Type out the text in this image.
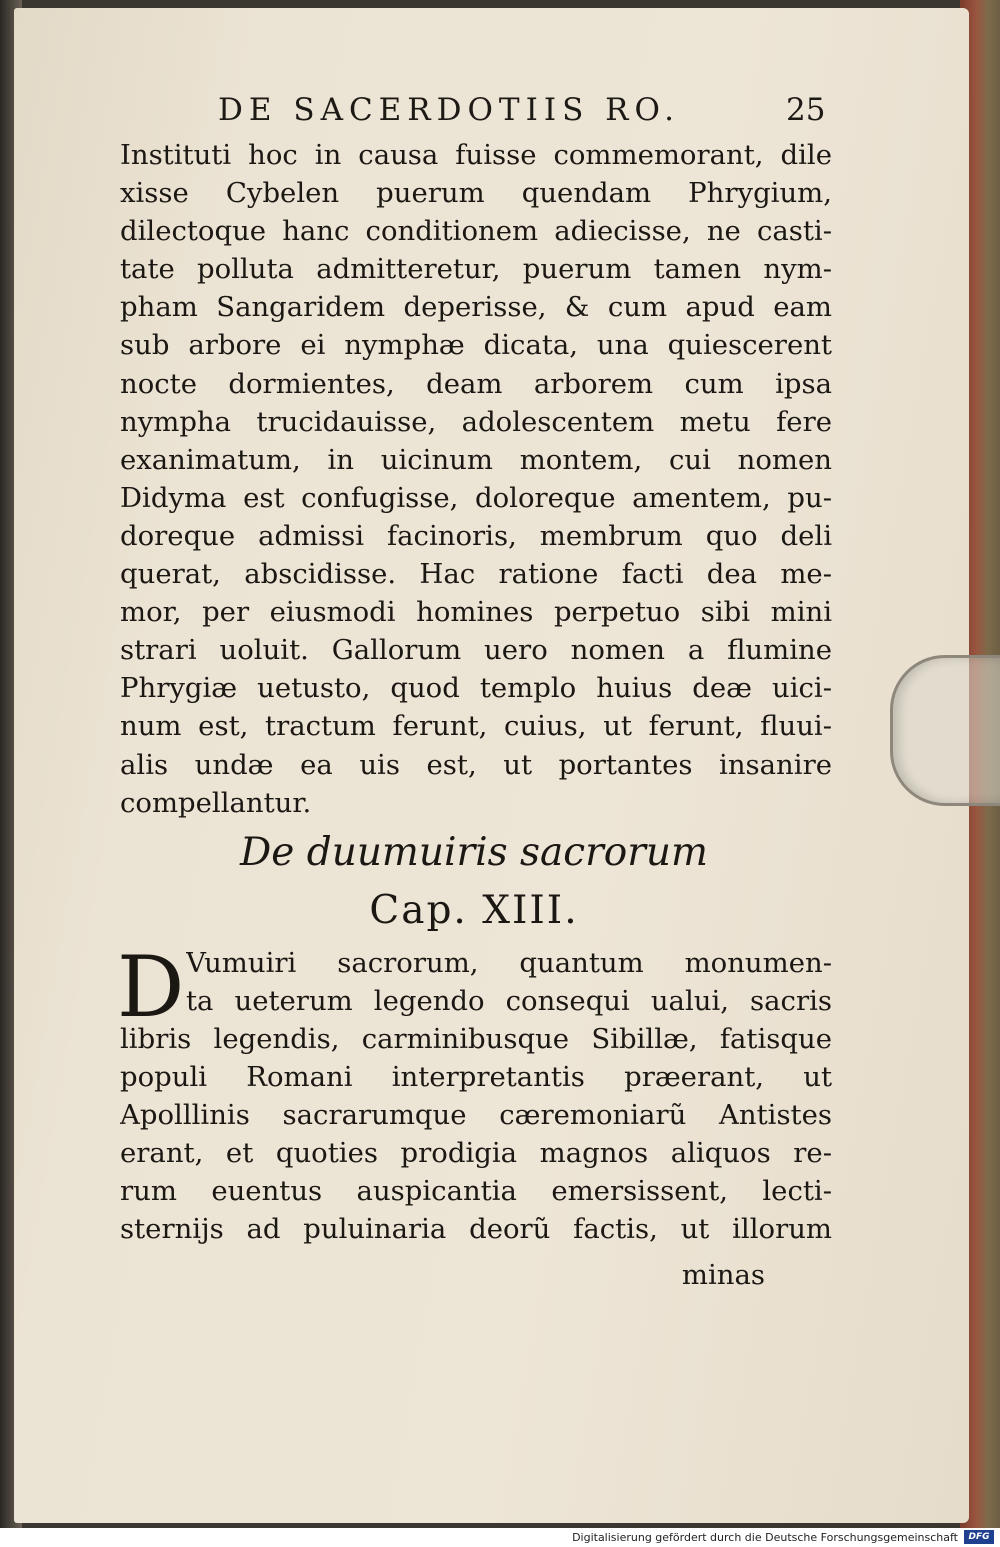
DE SACERDOTIIS RO.	25
Instituti hoc in causa fuisse commemorant, dile
xisse Cybelen puerum quendam Phrygium,
dilectoque hanc conditionem adiecisse, ne casti-
tate polluta admitteretur, puerum tamen nym-
pham Sangaridem deperisse, & cum apud eam
sub arbore ei nymphæ dicata, una quiescerent
nocte dormientes, deam arborem cum ipsa
nympha trucidauisse, adolescentem metu fere
exanimatum, in uicinum montem, cui nomen
Didyma est confugisse, doloreque amentem, pu-
doreque admissi facinoris, membrum quo deli
querat, abscidisse. Hac ratione facti dea me-
mor, per eiusmodi homines perpetuo sibi mini
strari uoluit. Gallorum uero nomen a flumine
Phrygiæ uetusto, quod templo huius deæ uici-
num est, tractum ferunt, cuius, ut ferunt, fluui-
alis undæ ea uis est, ut portantes insanire
compellantur.
De duumuiris sacrorum
Cap. XIII.
D Vumuiri sacrorum, quantum monumen-
ta ueterum legendo consequi ualui, sacris
libris legendis, carminibusque Sibillæ, fatisque
populi Romani interpretantis præerant, ut
Apolllinis sacrarumque cæremoniarũ Antistes
erant, et quoties prodigia magnos aliquos re-
rum euentus auspicantia emersissent, lecti-
sternijs ad puluinaria deorũ factis, ut illorum
minas
Digitalisierung gefördert durch die Deutsche Forschungsgemeinschaft	DFG
